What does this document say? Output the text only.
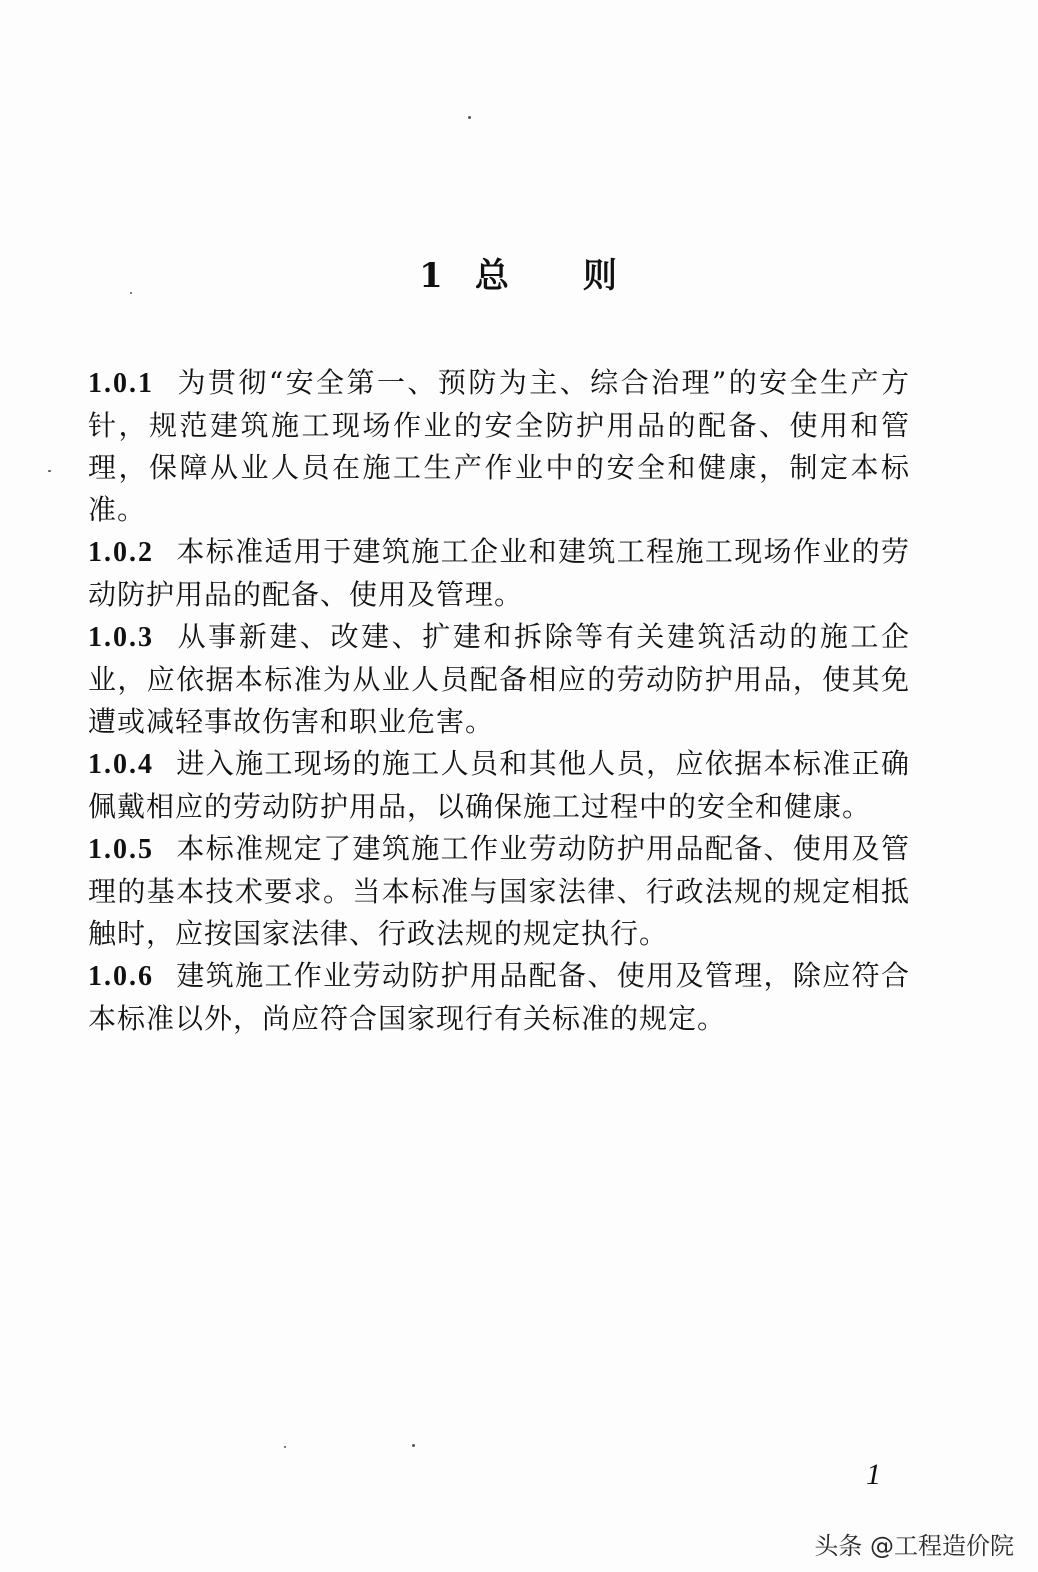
1 总 则

1.0.1 为贯彻“安全第一、预防为主、综合治理”的安全生产方针，规范建筑施工现场作业的安全防护用品的配备、使用和管理，保障从业人员在施工生产作业中的安全和健康，制定本标准。

1.0.2 本标准适用于建筑施工企业和建筑工程施工现场作业的劳动防护用品的配备、使用及管理。

1.0.3 从事新建、改建、扩建和拆除等有关建筑活动的施工企业，应依据本标准为从业人员配备相应的劳动防护用品，使其免遭或减轻事故伤害和职业危害。

1.0.4 进入施工现场的施工人员和其他人员，应依据本标准正确佩戴相应的劳动防护用品，以确保施工过程中的安全和健康。

1.0.5 本标准规定了建筑施工作业劳动防护用品配备、使用及管理的基本技术要求。当本标准与国家法律、行政法规的规定相抵触时，应按国家法律、行政法规的规定执行。

1.0.6 建筑施工作业劳动防护用品配备、使用及管理，除应符合本标准以外，尚应符合国家现行有关标准的规定。

1
头条 @工程造价院
